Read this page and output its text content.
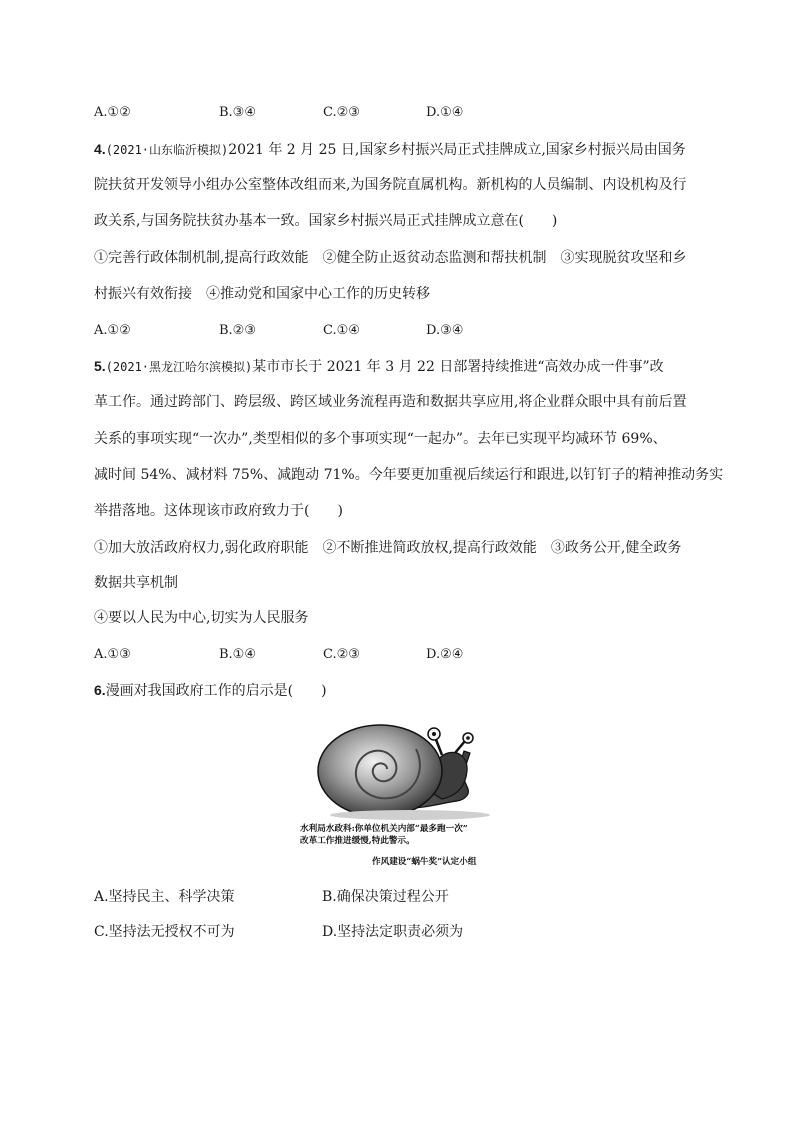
A.①②	B.③④	C.②③	D.①④
4.(2021·山东临沂模拟)2021 年 2 月 25 日,国家乡村振兴局正式挂牌成立,国家乡村振兴局由国务
院扶贫开发领导小组办公室整体改组而来,为国务院直属机构。新机构的人员编制、内设机构及行
政关系,与国务院扶贫办基本一致。国家乡村振兴局正式挂牌成立意在(　　)
①完善行政体制机制,提高行政效能　②健全防止返贫动态监测和帮扶机制　③实现脱贫攻坚和乡
村振兴有效衔接　④推动党和国家中心工作的历史转移
A.①②	B.②③	C.①④	D.③④
5.(2021·黑龙江哈尔滨模拟)某市市长于 2021 年 3 月 22 日部署持续推进“高效办成一件事”改
革工作。通过跨部门、跨层级、跨区域业务流程再造和数据共享应用,将企业群众眼中具有前后置
关系的事项实现“一次办”,类型相似的多个事项实现“一起办”。去年已实现平均减环节 69%、
减时间 54%、减材料 75%、减跑动 71%。今年要更加重视后续运行和跟进,以钉钉子的精神推动务实
举措落地。这体现该市政府致力于(　　)
①加大放活政府权力,弱化政府职能　②不断推进简政放权,提高行政效能　③政务公开,健全政务
数据共享机制
④要以人民为中心,切实为人民服务
A.①③	B.①④	C.②③	D.②④
6.漫画对我国政府工作的启示是(　　)
水利局水政科:你单位机关内部“最多跑一次”
改革工作推进缓慢,特此警示。
作风建设“蜗牛奖”认定小组
A.坚持民主、科学决策	B.确保决策过程公开
C.坚持法无授权不可为	D.坚持法定职责必须为
